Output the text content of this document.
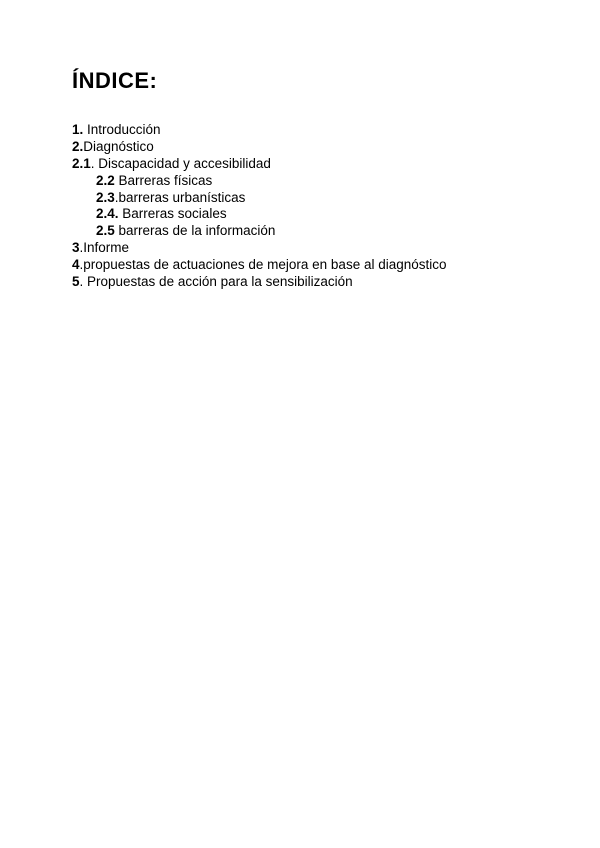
ÍNDICE:
1. Introducción
2.Diagnóstico
2.1. Discapacidad y accesibilidad
2.2 Barreras físicas
2.3.barreras urbanísticas
2.4. Barreras sociales
2.5 barreras de la información
3.Informe
4.propuestas de actuaciones de mejora en base al diagnóstico
5. Propuestas de acción para la sensibilización
